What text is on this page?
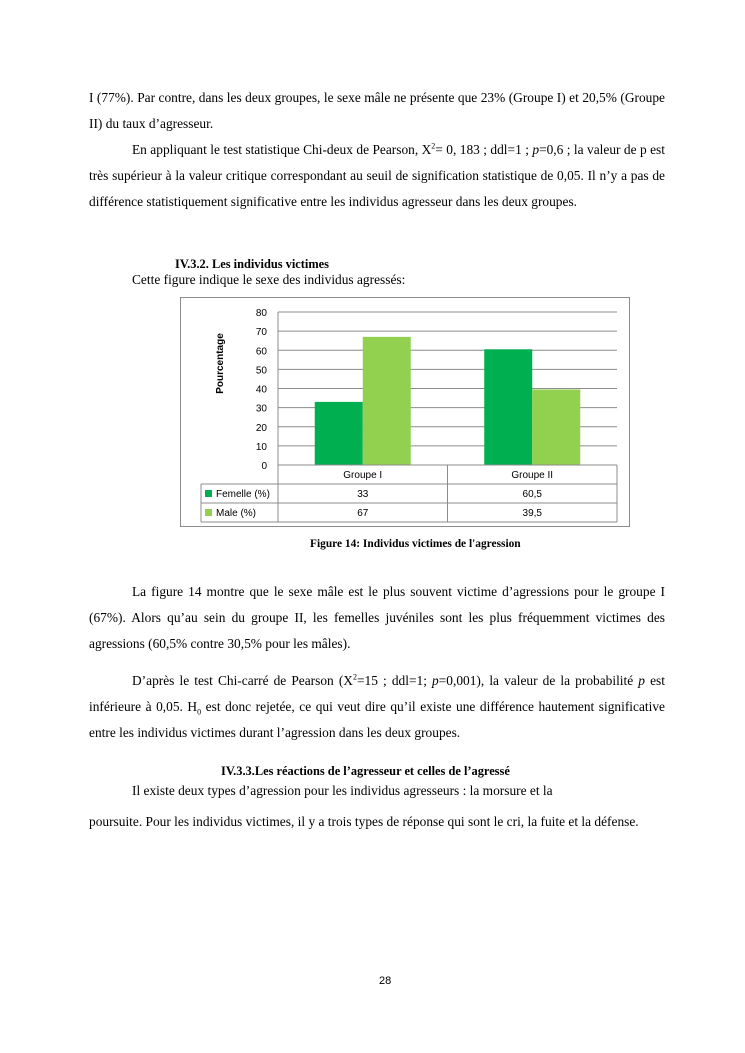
I (77%). Par contre, dans les deux groupes, le sexe mâle ne présente que 23% (Groupe I) et 20,5% (Groupe II) du taux d’agresseur.
En appliquant le test statistique Chi-deux de Pearson, $X^2= 0$, 183 ; ddl=1 ; p=0,6 ; la valeur de p est très supérieur à la valeur critique correspondant au seuil de signification statistique de 0,05. Il n’y a pas de différence statistiquement significative entre les individus agresseur dans les deux groupes.
IV.3.2. Les individus victimes
Cette figure indique le sexe des individus agressés:
0
10
20
30
40
50
60
70
80
Pourcentage
Groupe I	Groupe II
Femelle (%)	33	60,5
Male (%)	67	39,5
Figure 14: Individus victimes de l'agression
La figure 14 montre que le sexe mâle est le plus souvent victime d’agressions pour le groupe I (67%). Alors qu’au sein du groupe II, les femelles juvéniles sont les plus fréquemment victimes des agressions (60,5% contre 30,5% pour les mâles).
D’après le test Chi-carré de Pearson ($X^2=15$ ; ddl=1; p=0,001), la valeur de la probabilité p est inférieure à 0,05. $H_0$ est donc rejetée, ce qui veut dire qu’il existe une différence hautement significative entre les individus victimes durant l’agression dans les deux groupes.
IV.3.3.Les réactions de l’agresseur et celles de l’agressé
Il existe deux types d’agression pour les individus agresseurs : la morsure et la
poursuite. Pour les individus victimes, il y a trois types de réponse qui sont le cri, la fuite et la défense.
28
